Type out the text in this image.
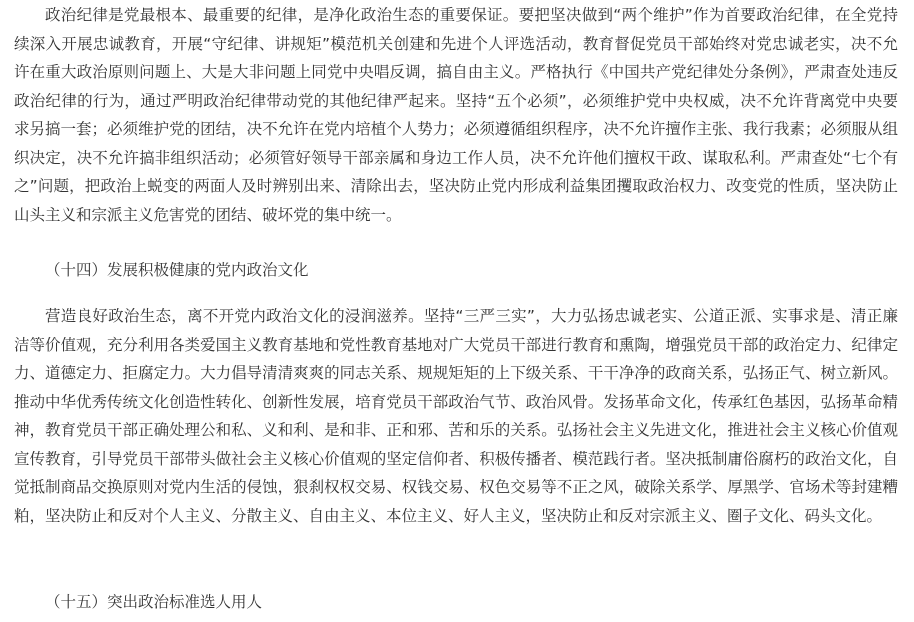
政治纪律是党最根本、最重要的纪律，是净化政治生态的重要保证。要把坚决做到“两个维护”作为首要政治纪律，在全党持续深入开展忠诚教育，开展“守纪律、讲规矩”模范机关创建和先进个人评选活动，教育督促党员干部始终对党忠诚老实，决不允许在重大政治原则问题上、大是大非问题上同党中央唱反调，搞自由主义。严格执行《中国共产党纪律处分条例》，严肃查处违反政治纪律的行为，通过严明政治纪律带动党的其他纪律严起来。坚持“五个必须”，必须维护党中央权威，决不允许背离党中央要求另搞一套；必须维护党的团结，决不允许在党内培植个人势力；必须遵循组织程序，决不允许擅作主张、我行我素；必须服从组织决定，决不允许搞非组织活动；必须管好领导干部亲属和身边工作人员，决不允许他们擅权干政、谋取私利。严肃查处“七个有之”问题，把政治上蜕变的两面人及时辨别出来、清除出去，坚决防止党内形成利益集团攫取政治权力、改变党的性质，坚决防止山头主义和宗派主义危害党的团结、破坏党的集中统一。

（十四）发展积极健康的党内政治文化

营造良好政治生态，离不开党内政治文化的浸润滋养。坚持“三严三实”，大力弘扬忠诚老实、公道正派、实事求是、清正廉洁等价值观，充分利用各类爱国主义教育基地和党性教育基地对广大党员干部进行教育和熏陶，增强党员干部的政治定力、纪律定力、道德定力、拒腐定力。大力倡导清清爽爽的同志关系、规规矩矩的上下级关系、干干净净的政商关系，弘扬正气、树立新风。推动中华优秀传统文化创造性转化、创新性发展，培育党员干部政治气节、政治风骨。发扬革命文化，传承红色基因，弘扬革命精神，教育党员干部正确处理公和私、义和利、是和非、正和邪、苦和乐的关系。弘扬社会主义先进文化，推进社会主义核心价值观宣传教育，引导党员干部带头做社会主义核心价值观的坚定信仰者、积极传播者、模范践行者。坚决抵制庸俗腐朽的政治文化，自觉抵制商品交换原则对党内生活的侵蚀，狠刹权权交易、权钱交易、权色交易等不正之风，破除关系学、厚黑学、官场术等封建糟粕，坚决防止和反对个人主义、分散主义、自由主义、本位主义、好人主义，坚决防止和反对宗派主义、圈子文化、码头文化。

（十五）突出政治标准选人用人
